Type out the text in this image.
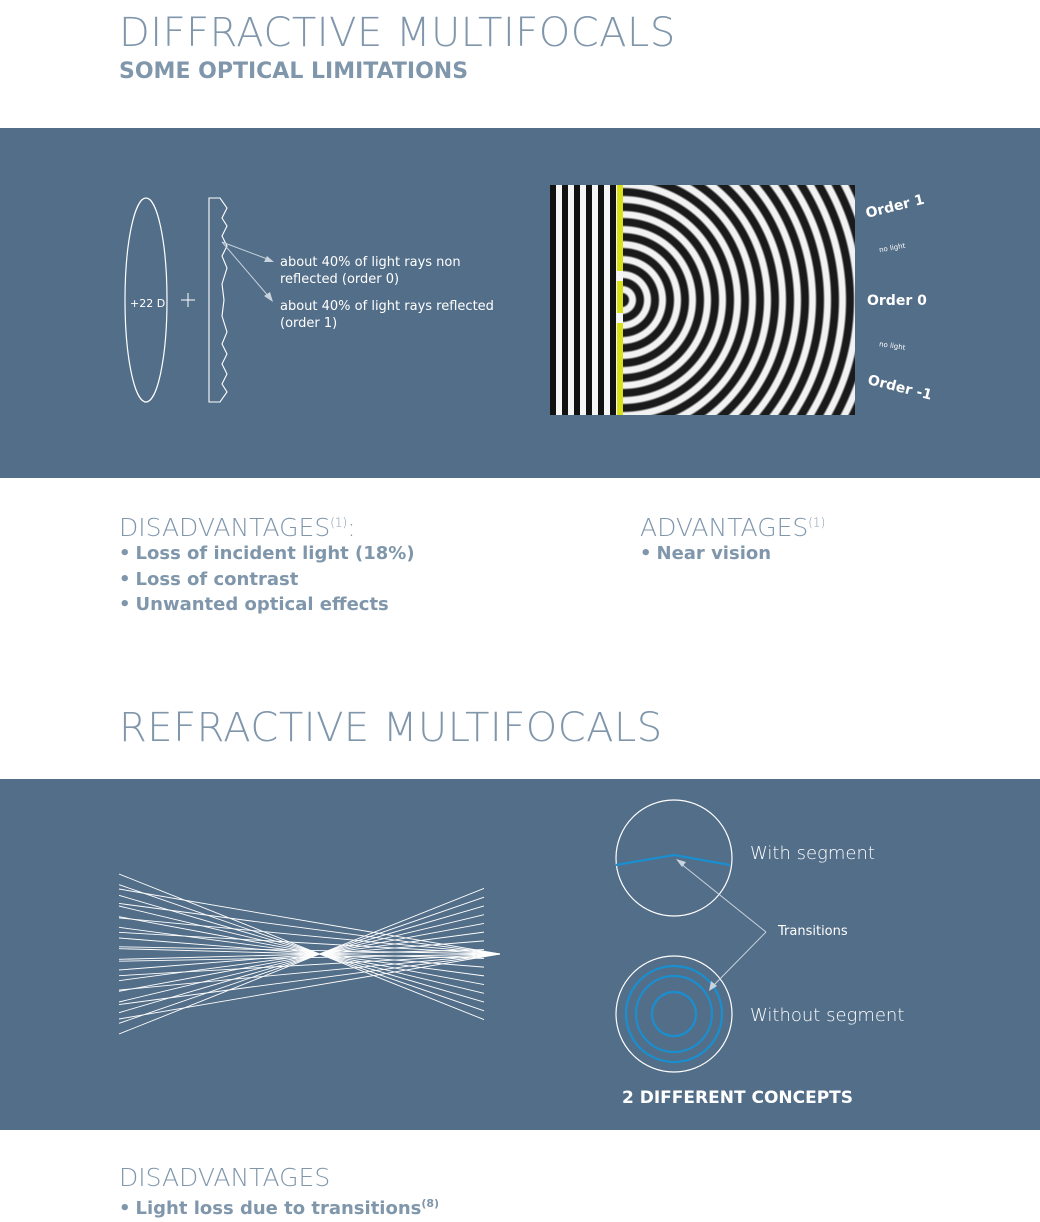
DIFFRACTIVE MULTIFOCALS
SOME OPTICAL LIMITATIONS
+22 D
about 40% of light rays non reflected (order 0)
about 40% of light rays reflected (order 1)
Order 1
no light
Order 0
no light
Order -1
DISADVANTAGES$^{(1)}$:
• Loss of incident light (18%)
• Loss of contrast
• Unwanted optical effects
ADVANTAGES$^{(1)}$
• Near vision
REFRACTIVE MULTIFOCALS
With segment
Transitions
Without segment
2 DIFFERENT CONCEPTS
DISADVANTAGES
• Light loss due to transitions$^{(8)}$
